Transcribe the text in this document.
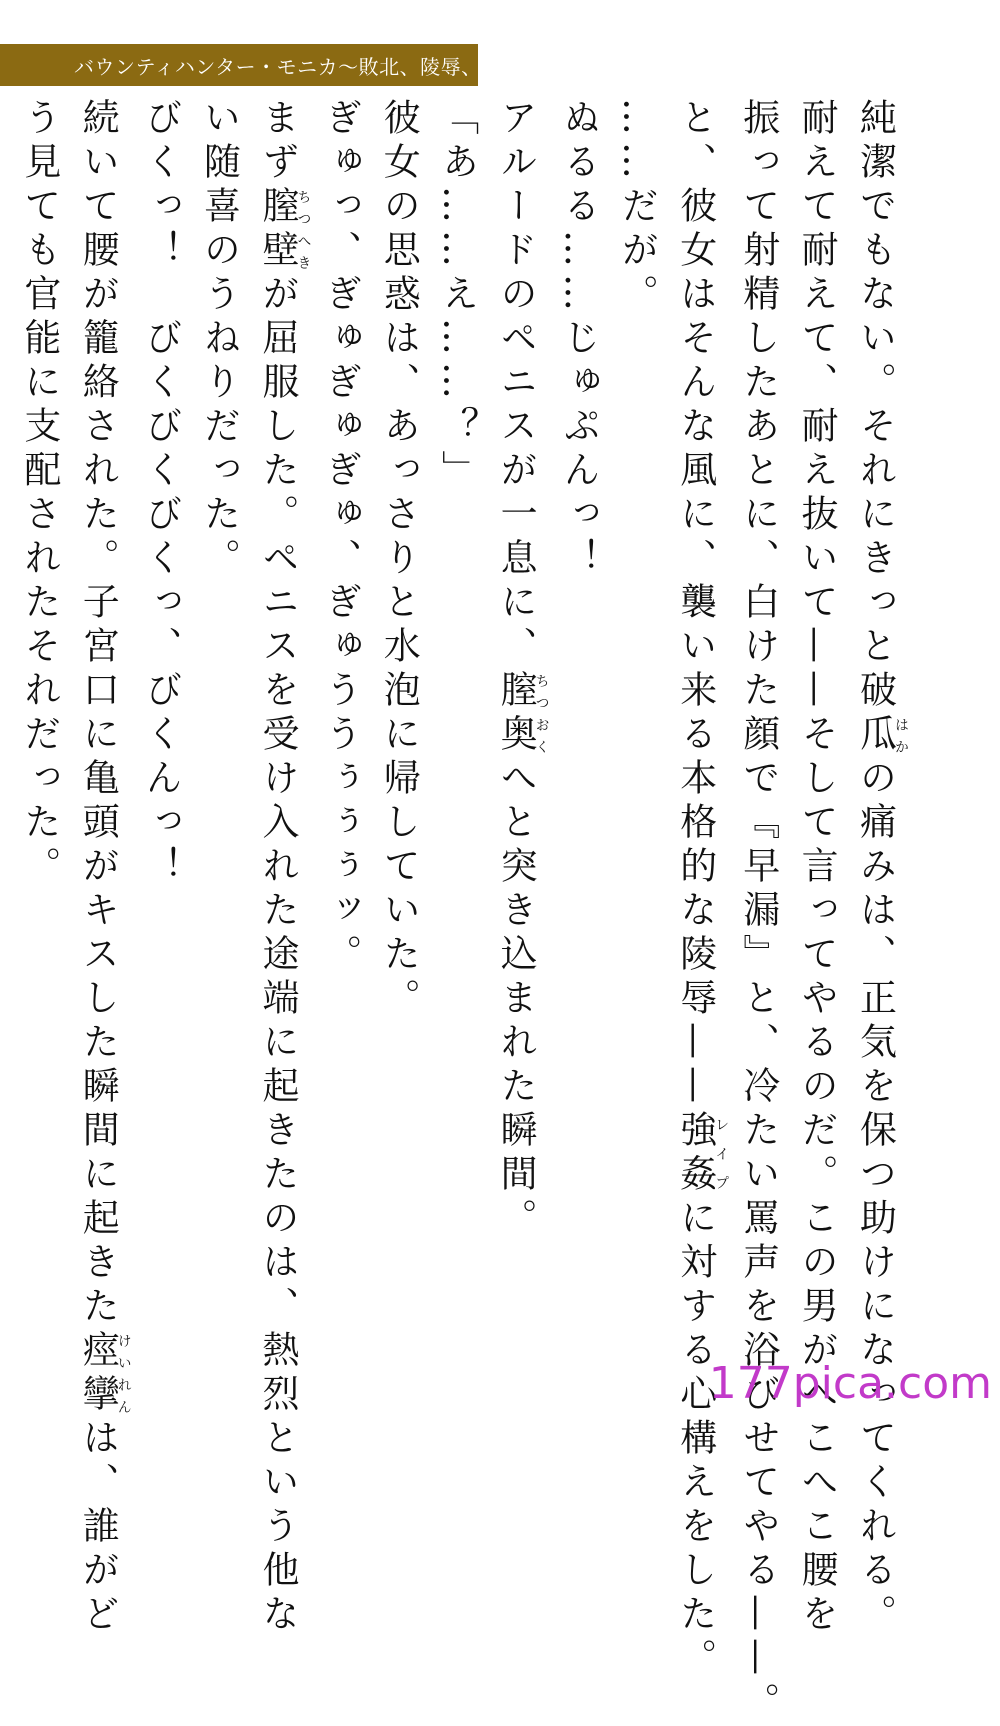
バウンティハンター・モニカ〜敗北、陵辱、晒し者〜
純潔でもない。それにきっと破瓜はかの痛みは、正気を保つ助けになってくれる。
耐えて耐えて、耐え抜いて——そして言ってやるのだ。この男がへこへこ腰を
振って射精したあとに、白けた顔で『早漏』と、冷たい罵声を浴びせてやる——。
と、彼女はそんな風に、襲い来る本格的な陵辱——強姦レイプに対する心構えをした。
……だが。
ぬるる……じゅぷんっ！
アルードのペニスが一息に、膣奥ちつおくへと突き込まれた瞬間。
「あ……え……？」
彼女の思惑は、あっさりと水泡に帰していた。
ぎゅっ、ぎゅぎゅぎゅ、ぎゅううぅぅぅッ。
まず膣壁ちつへきが屈服した。ペニスを受け入れた途端に起きたのは、熱烈という他な
い随喜のうねりだった。
びくっ！　びくびくびくっ、びくんっ！
続いて腰が籠絡された。子宮口に亀頭がキスした瞬間に起きた痙攣けいれんは、誰がど
う見ても官能に支配されたそれだった。
177pica.com
